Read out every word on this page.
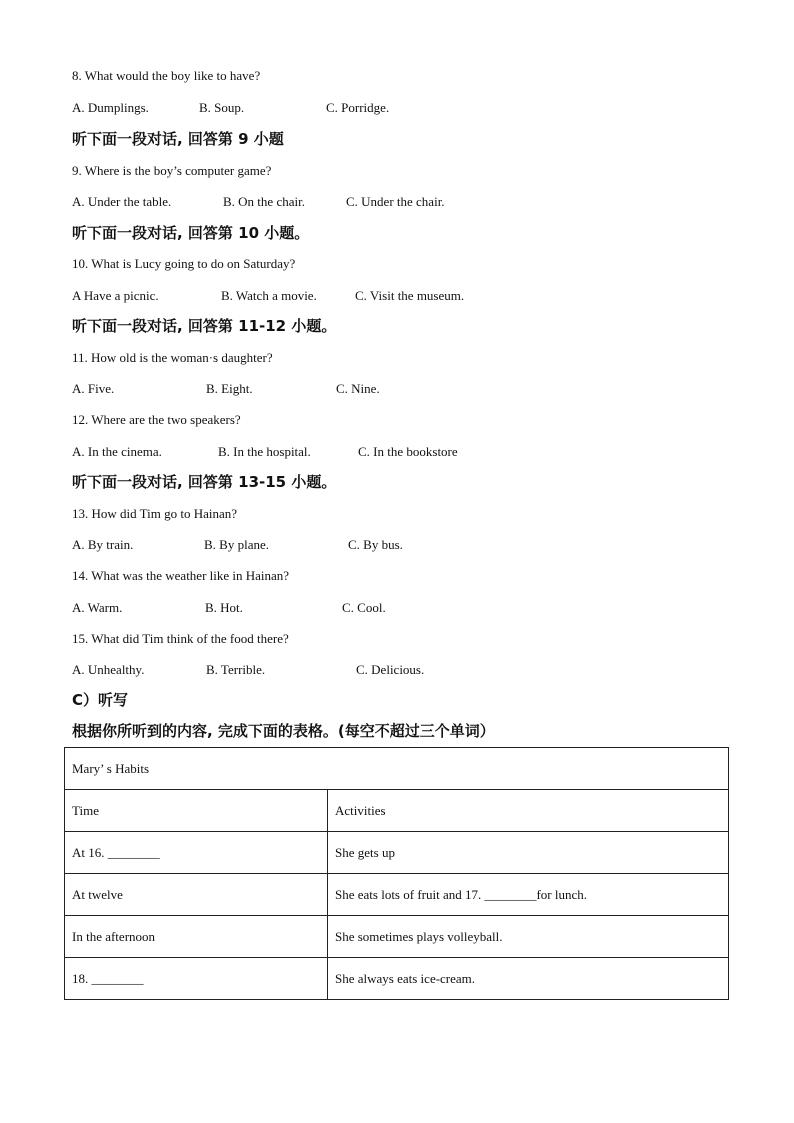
8. What would the boy like to have?
A. Dumplings.	B. Soup.	C. Porridge.
听下面一段对话, 回答第 9 小题
9. Where is the boy’s computer game?
A. Under the table.	B. On the chair.	C. Under the chair.
听下面一段对话, 回答第 10 小题。
10. What is Lucy going to do on Saturday?
A Have a picnic.	B. Watch a movie.	C. Visit the museum.
听下面一段对话, 回答第 11-12 小题。
11. How old is the woman·s daughter?
A. Five.	B. Eight.	C. Nine.
12. Where are the two speakers?
A. In the cinema.	B. In the hospital.	C. In the bookstore
听下面一段对话, 回答第 13-15 小题。
13. How did Tim go to Hainan?
A. By train.	B. By plane.	C. By bus.
14. What was the weather like in Hainan?
A. Warm.	B. Hot.	C. Cool.
15. What did Tim think of the food there?
A. Unhealthy.	B. Terrible.	C. Delicious.
C）听写
根据你所听到的内容, 完成下面的表格。(每空不超过三个单词）
Mary’ s Habits	
Time	Activities
At 16. ________	She gets up
At twelve	She eats lots of fruit and 17. ________for lunch.
In the afternoon	She sometimes plays volleyball.
18. ________	She always eats ice-cream.
